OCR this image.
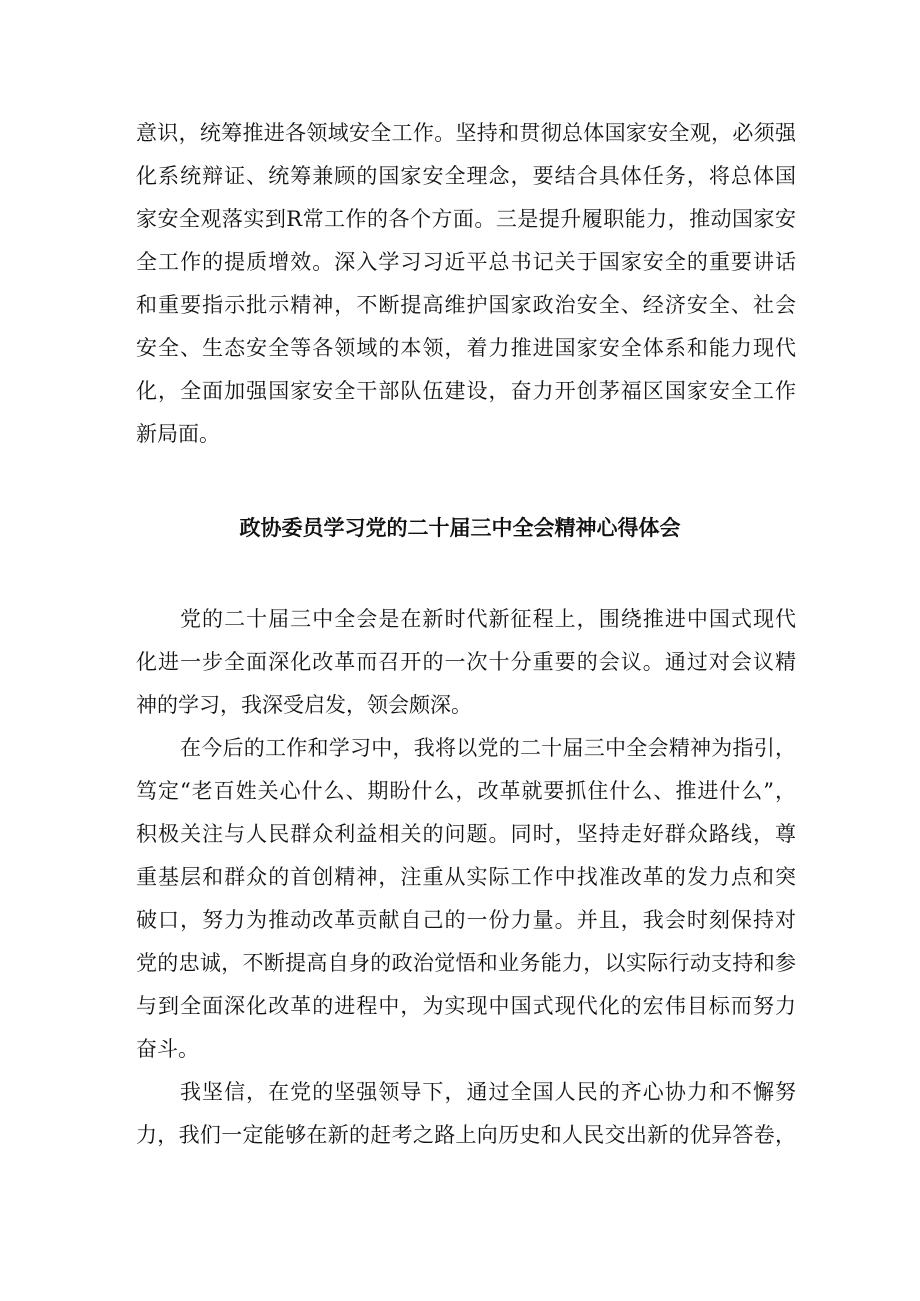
意识，统筹推进各领域安全工作。坚持和贯彻总体国家安全观，必须强
化系统辩证、统筹兼顾的国家安全理念，要结合具体任务，将总体国
家安全观落实到R常工作的各个方面。三是提升履职能力，推动国家安
全工作的提质增效。深入学习习近平总书记关于国家安全的重要讲话
和重要指示批示精神，不断提高维护国家政治安全、经济安全、社会
安全、生态安全等各领域的本领，着力推进国家安全体系和能力现代
化，全面加强国家安全干部队伍建设，奋力开创茅福区国家安全工作
新局面。
政协委员学习党的二十届三中全会精神心得体会
党的二十届三中全会是在新时代新征程上，围绕推进中国式现代
化进一步全面深化改革而召开的一次十分重要的会议。通过对会议精
神的学习，我深受启发，领会颇深。
在今后的工作和学习中，我将以党的二十届三中全会精神为指引，
笃定“老百姓关心什么、期盼什么，改革就要抓住什么、推进什么”，
积极关注与人民群众利益相关的问题。同时，坚持走好群众路线，尊
重基层和群众的首创精神，注重从实际工作中找准改革的发力点和突
破口，努力为推动改革贡献自己的一份力量。并且，我会时刻保持对
党的忠诚，不断提高自身的政治觉悟和业务能力，以实际行动支持和参
与到全面深化改革的进程中，为实现中国式现代化的宏伟目标而努力
奋斗。
我坚信，在党的坚强领导下，通过全国人民的齐心协力和不懈努
力，我们一定能够在新的赶考之路上向历史和人民交出新的优异答卷，
